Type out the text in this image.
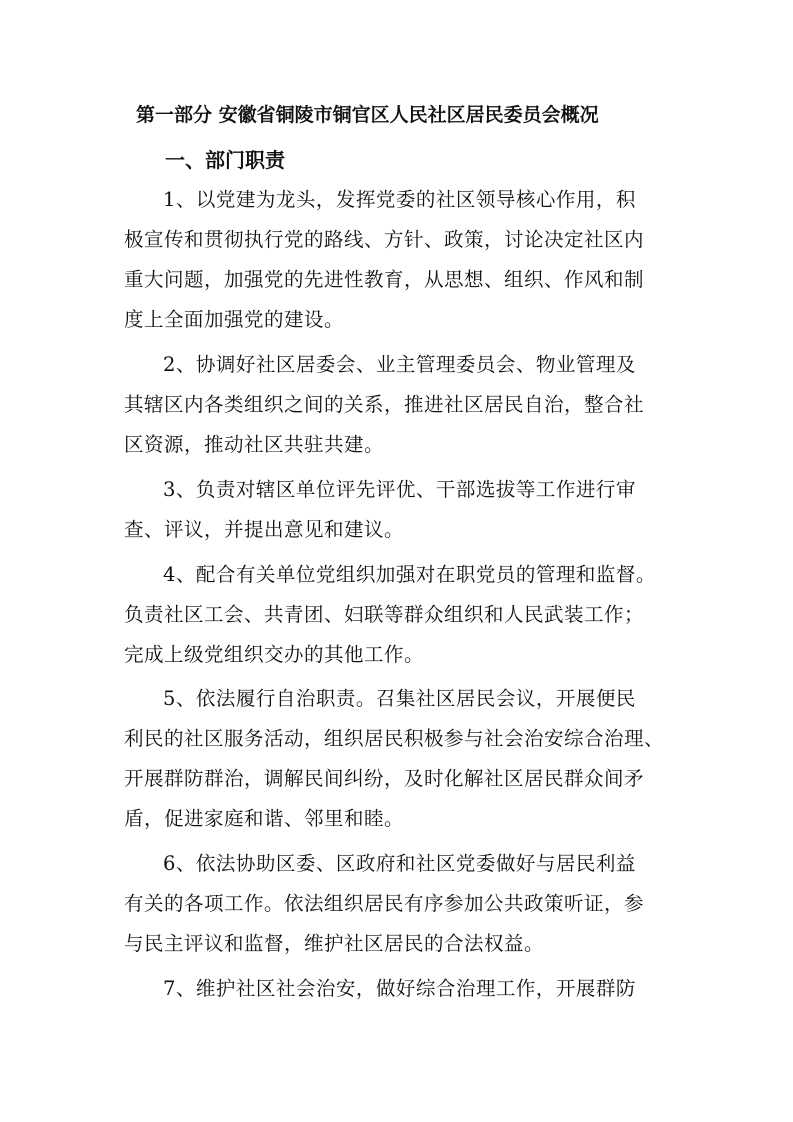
第一部分 安徽省铜陵市铜官区人民社区居民委员会概况
一、部门职责
1、以党建为龙头，发挥党委的社区领导核心作用，积
极宣传和贯彻执行党的路线、方针、政策，讨论决定社区内
重大问题，加强党的先进性教育，从思想、组织、作风和制
度上全面加强党的建设。
2、协调好社区居委会、业主管理委员会、物业管理及
其辖区内各类组织之间的关系，推进社区居民自治，整合社
区资源，推动社区共驻共建。
3、负责对辖区单位评先评优、干部选拔等工作进行审
查、评议，并提出意见和建议。
4、配合有关单位党组织加强对在职党员的管理和监督。
负责社区工会、共青团、妇联等群众组织和人民武装工作；
完成上级党组织交办的其他工作。
5、依法履行自治职责。召集社区居民会议，开展便民
利民的社区服务活动，组织居民积极参与社会治安综合治理、
开展群防群治，调解民间纠纷，及时化解社区居民群众间矛
盾，促进家庭和谐、邻里和睦。
6、依法协助区委、区政府和社区党委做好与居民利益
有关的各项工作。依法组织居民有序参加公共政策听证，参
与民主评议和监督，维护社区居民的合法权益。
7、维护社区社会治安，做好综合治理工作，开展群防
